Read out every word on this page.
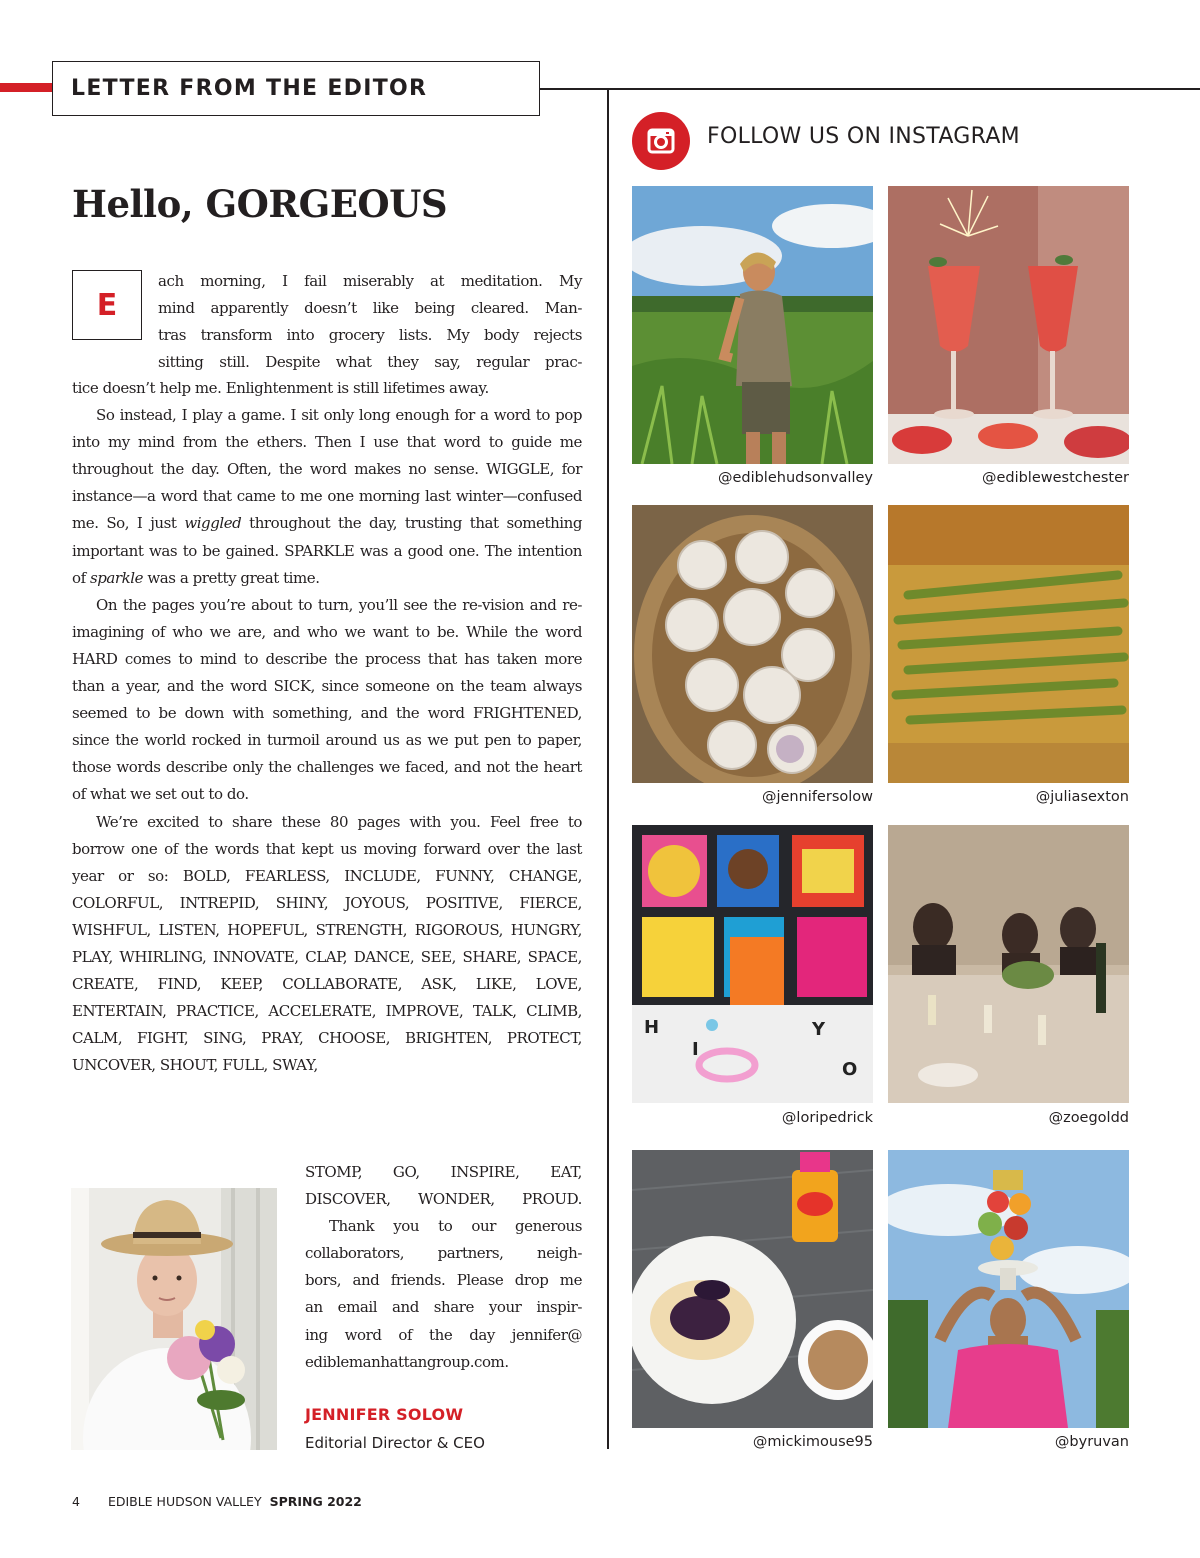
LETTER FROM THE EDITOR
Hello, GORGEOUS
E
ach morning, I fail miserably at meditation. My
mind apparently doesn’t like being cleared. Man-
tras transform into grocery lists. My body rejects
sitting still. Despite what they say, regular prac-

tice doesn’t help me. Enlightenment is still lifetimes away.

So instead, I play a game. I sit only long enough for a word to pop into my mind from the ethers. Then I use that word to guide me throughout the day. Often, the word makes no sense. WIGGLE, for instance—a word that came to me one morning last winter—confused me. So, I just wiggled throughout the day, trusting that something important was to be gained. SPARKLE was a good one. The intention of sparkle was a pretty great time.

On the pages you’re about to turn, you’ll see the re-vision and re-imagining of who we are, and who we want to be. While the word HARD comes to mind to describe the process that has taken more than a year, and the word SICK, since someone on the team always seemed to be down with something, and the word FRIGHTENED, since the world rocked in turmoil around us as we put pen to paper, those words describe only the challenges we faced, and not the heart of what we set out to do.

We’re excited to share these 80 pages with you. Feel free to borrow one of the words that kept us moving forward over the last year or so: BOLD, FEARLESS, INCLUDE, FUNNY, CHANGE, COLORFUL, INTREPID, SHINY, JOYOUS, POSITIVE, FIERCE, WISHFUL, LISTEN, HOPEFUL, STRENGTH, RIGOROUS, HUNGRY, PLAY, WHIRLING, INNOVATE, CLAP, DANCE, SEE, SHARE, SPACE, CREATE, FIND, KEEP, COLLABORATE, ASK, LIKE, LOVE, ENTERTAIN, PRACTICE, ACCELERATE, IMPROVE, TALK, CLIMB, CALM, FIGHT, SING, PRAY, CHOOSE, BRIGHTEN, PROTECT, UNCOVER, SHOUT, FULL, SWAY,

STOMP, GO, INSPIRE, EAT,
DISCOVER, WONDER, PROUD.
Thank you to our generous
collaborators, partners, neigh-
bors, and friends. Please drop me
an email and share your inspir-
ing word of the day jennifer@
ediblemanhattangroup.com.
JENNIFER SOLOW
Editorial Director & CEO
4 EDIBLE HUDSON VALLEY SPRING 2022
FOLLOW US ON INSTAGRAM
@ediblehudsonvalley	@ediblewestchester
@jennifersolow	@juliasexton
H
I
Y
O
@loripedrick	@zoegoldd
@mickimouse95	@byruvan
